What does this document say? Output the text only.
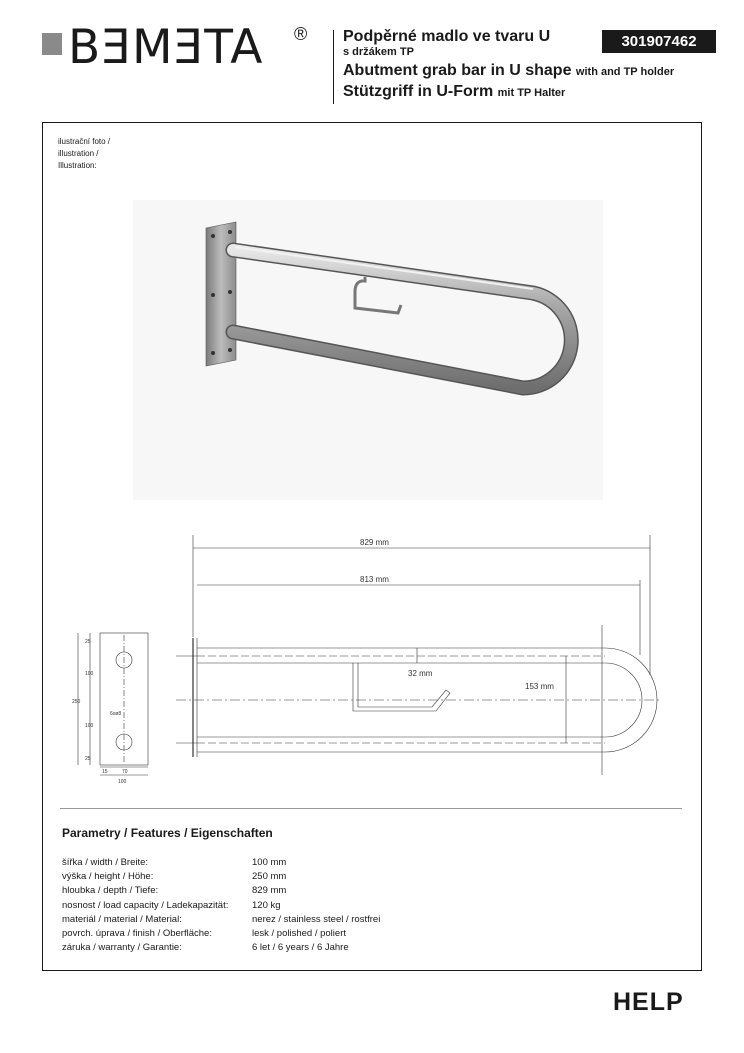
BƎMƎTA ® Podpěrné madlo ve tvaru U
s držákem TP
Abutment grab bar in U shape with and TP holder
Stützgriff in U-Form mit TP Halter
301907462
ilustrační foto /
illustration /
Illustration:
829 mm
813 mm
32 mm
153 mm
250
25
25
100
100
15	70
100
6xø8
Parametry / Features / Eigenschaften
šířka / width / Breite:	100 mm
výška / height / Höhe:	250 mm
hloubka / depth / Tiefe:	829 mm
nosnost / load capacity / Ladekapazität:	120 kg
materiál / material / Material:	nerez / stainless steel / rostfrei
povrch. úprava / finish / Oberfläche:	lesk / polished / poliert
záruka / warranty / Garantie:	6 let / 6 years / 6 Jahre
HELP
